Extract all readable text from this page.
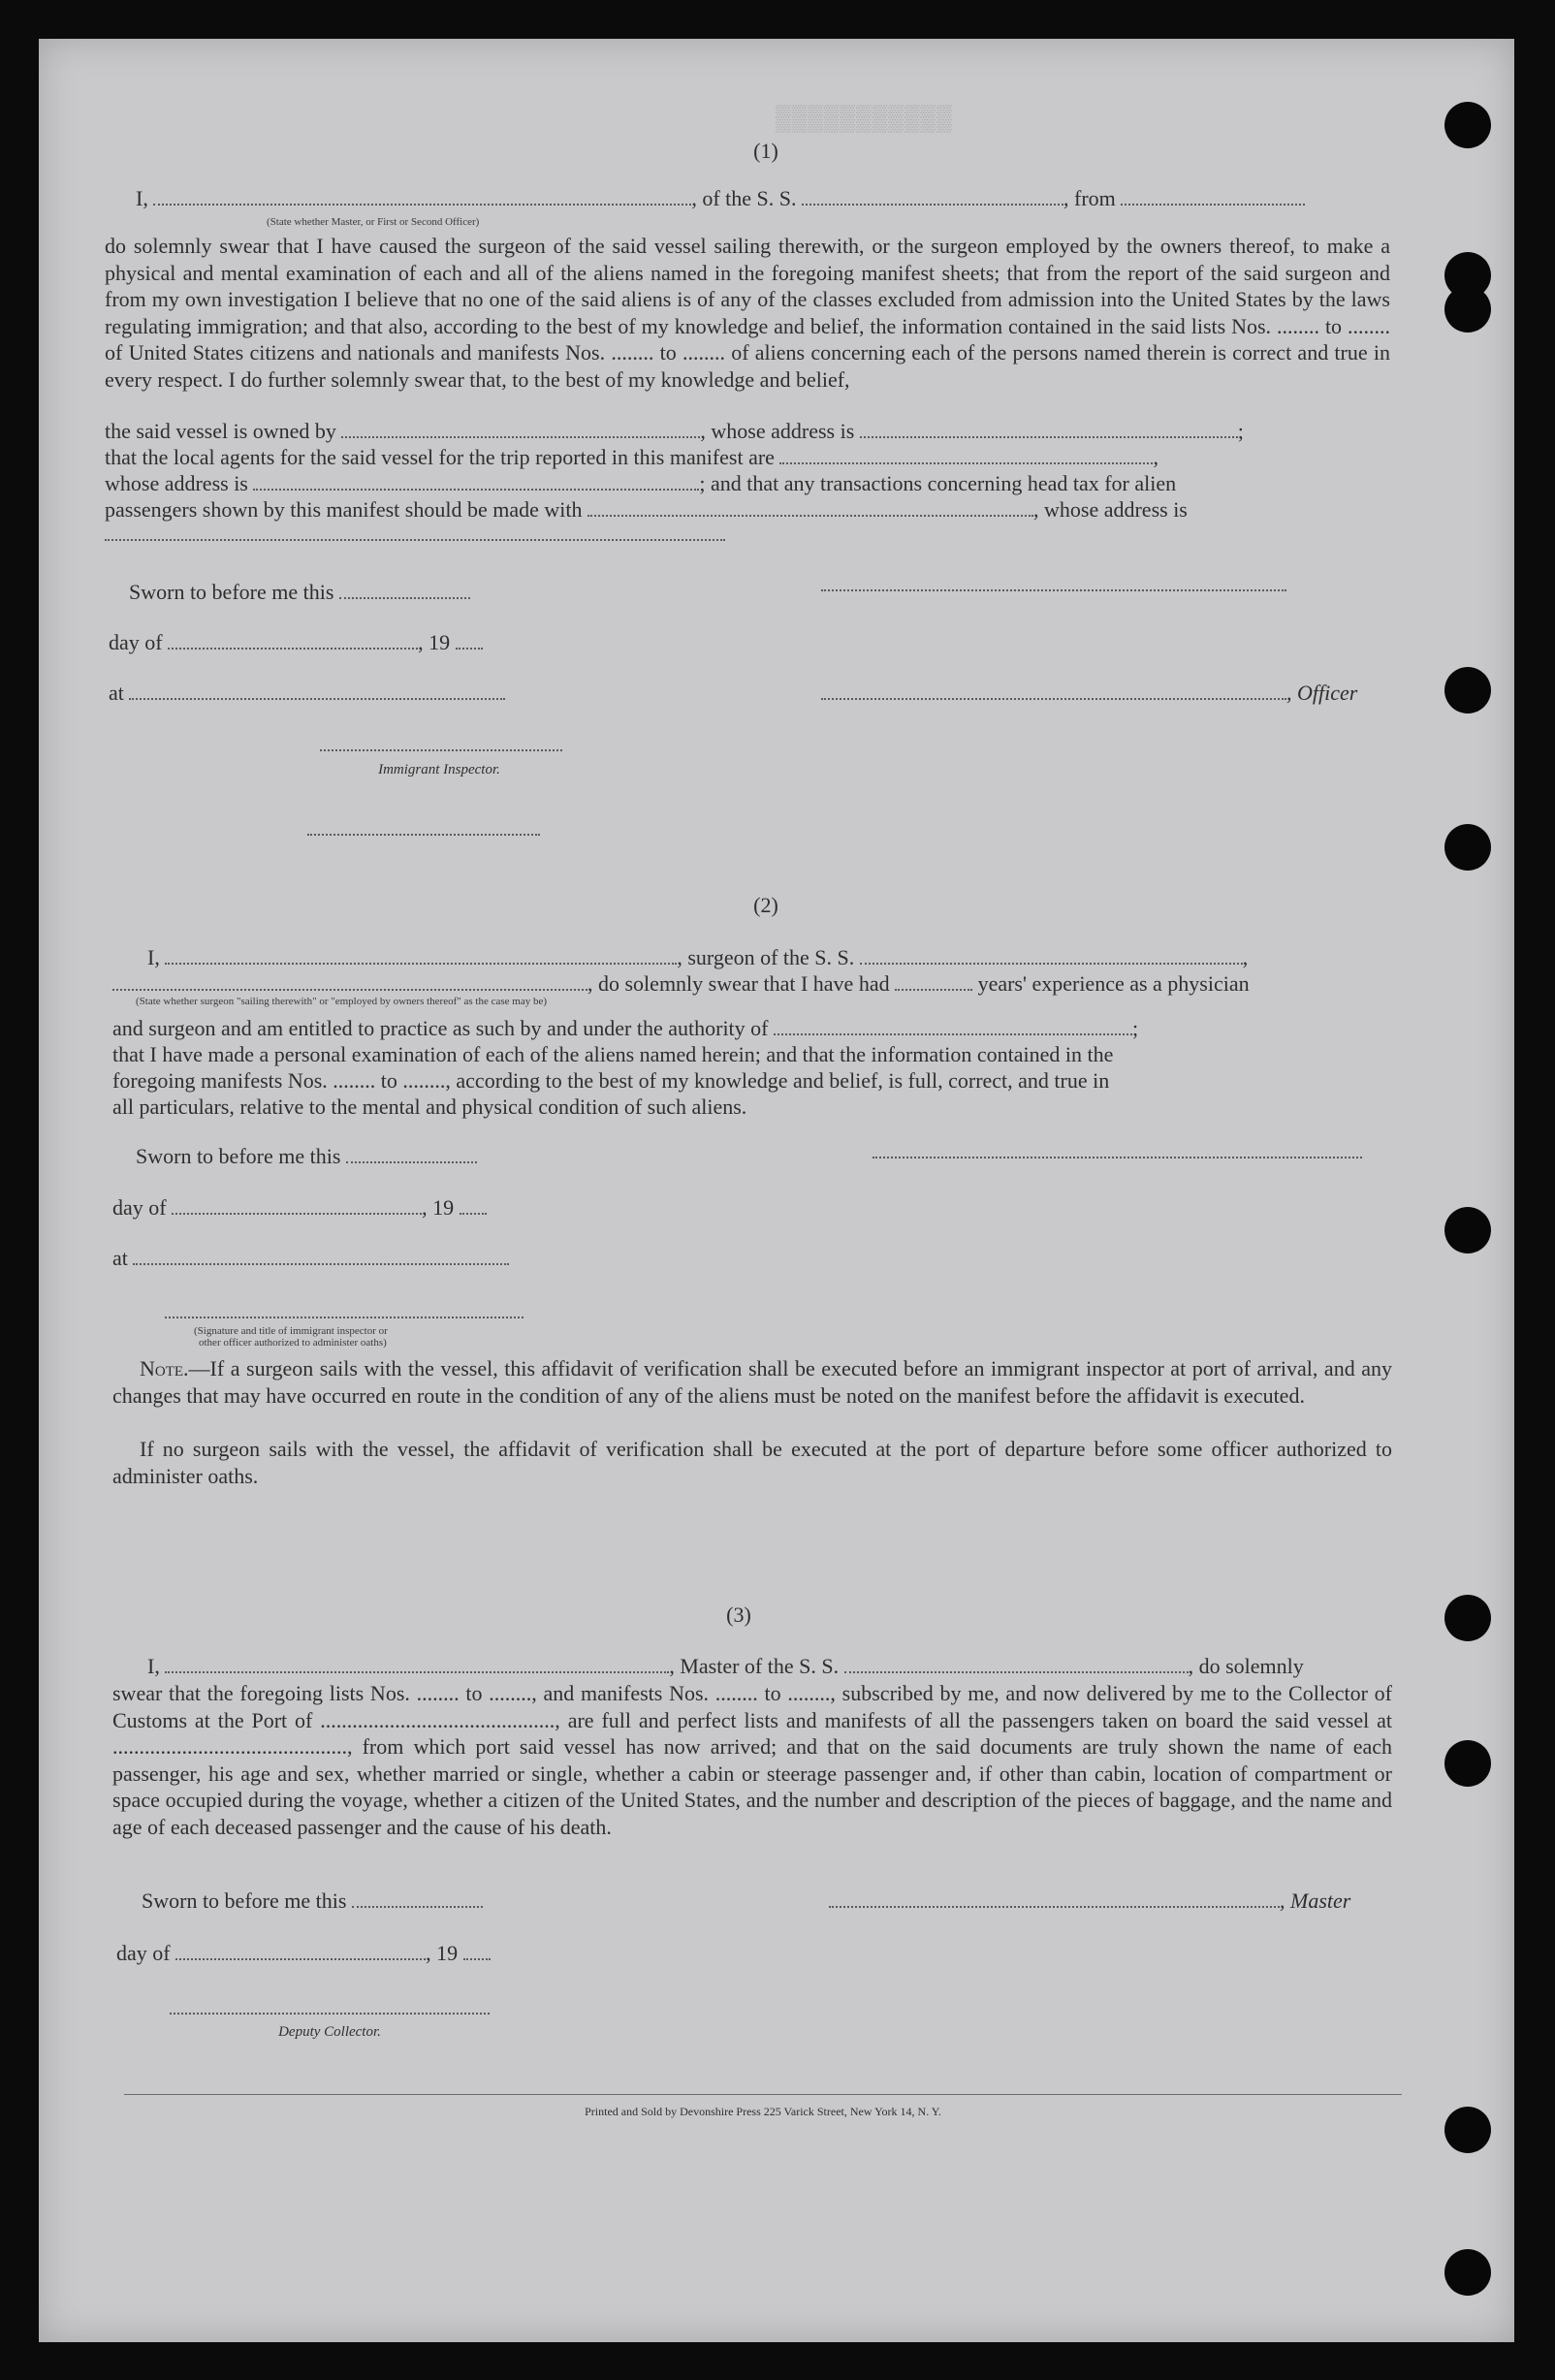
▒▒▒▒▒▒▒▒▒▒▒
(1)
I,	, of the S. S.	, from
(State whether Master, or First or Second Officer)
do solemnly swear that I have caused the surgeon of the said vessel sailing therewith, or the surgeon employed by the owners thereof, to make a physical and mental examination of each and all of the aliens named in the foregoing manifest sheets; that from the report of the said surgeon and from my own investigation I believe that no one of the said aliens is of any of the classes excluded from admission into the United States by the laws regulating immigration; and that also, according to the best of my knowledge and belief, the information contained in the said lists Nos. ........ to ........ of United States citizens and nationals and manifests Nos. ........ to ........ of aliens concerning each of the persons named therein is correct and true in every respect. I do further solemnly swear that, to the best of my knowledge and belief,
the said vessel is owned by	, whose address is	;
that the local agents for the said vessel for the trip reported in this manifest are	,
whose address is	; and that any transactions concerning head tax for alien
passengers shown by this manifest should be made with	, whose address is
Sworn to before me this
day of	, 19
at	, Officer
Immigrant Inspector.
(2)
I,	, surgeon of the S. S.	,
, do solemnly swear that I have had	years' experience as a physician
(State whether surgeon "sailing therewith" or "employed by owners thereof" as the case may be)
and surgeon and am entitled to practice as such by and under the authority of	;
that I have made a personal examination of each of the aliens named herein; and that the information contained in the
foregoing manifests Nos. ........ to ........, according to the best of my knowledge and belief, is full, correct, and true in
all particulars, relative to the mental and physical condition of such aliens.
Sworn to before me this
day of	, 19
at
(Signature and title of immigrant inspector or
other officer authorized to administer oaths)
Note.—If a surgeon sails with the vessel, this affidavit of verification shall be executed before an immigrant inspector at port of arrival, and any changes that may have occurred en route in the condition of any of the aliens must be noted on the manifest before the affidavit is executed.
If no surgeon sails with the vessel, the affidavit of verification shall be executed at the port of departure before some officer authorized to administer oaths.
(3)
I,	, Master of the S. S.	, do solemnly
swear that the foregoing lists Nos. ........ to ........, and manifests Nos. ........ to ........, subscribed by me, and now delivered by me to the Collector of Customs at the Port of ............................................, are full and perfect lists and manifests of all the passengers taken on board the said vessel at ............................................, from which port said vessel has now arrived; and that on the said documents are truly shown the name of each passenger, his age and sex, whether married or single, whether a cabin or steerage passenger and, if other than cabin, location of compartment or space occupied during the voyage, whether a citizen of the United States, and the number and description of the pieces of baggage, and the name and age of each deceased passenger and the cause of his death.
Sworn to before me this	, Master
day of	, 19
Deputy Collector.
Printed and Sold by Devonshire Press 225 Varick Street, New York 14, N. Y.
